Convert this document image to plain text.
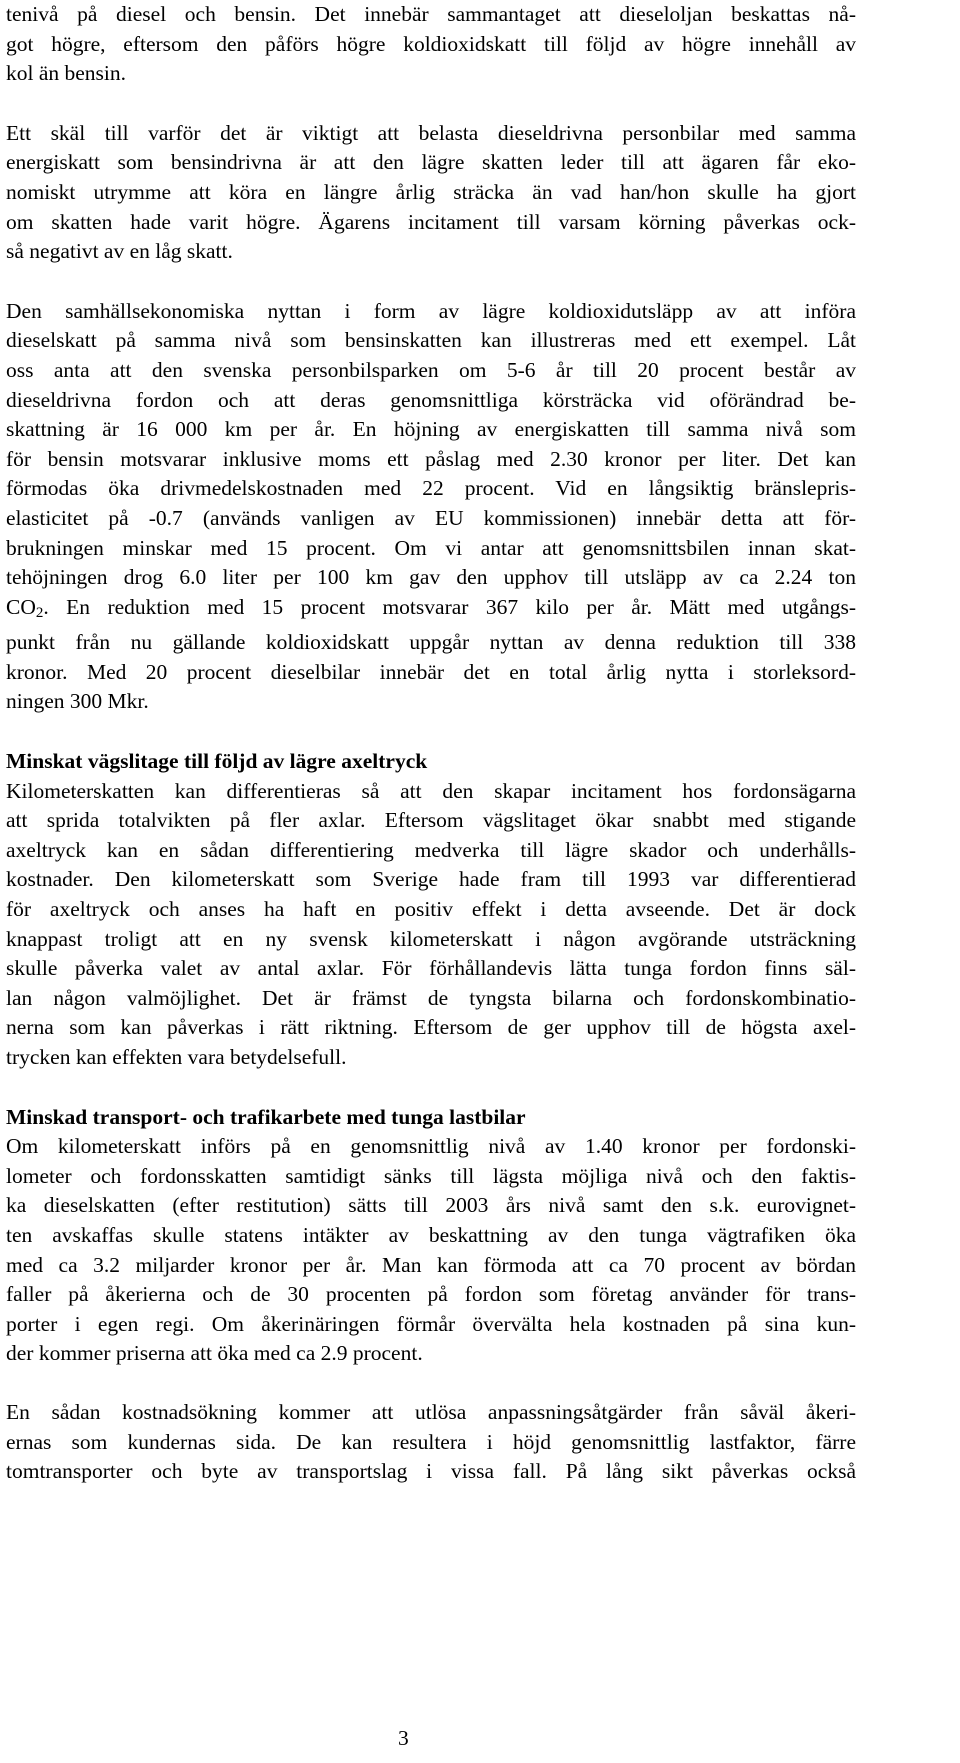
tenivå på diesel och bensin. Det innebär sammantaget att dieseloljan beskattas nå-
got högre, eftersom den påförs högre koldioxidskatt till följd av högre innehåll av
kol än bensin.

Ett skäl till varför det är viktigt att belasta dieseldrivna personbilar med samma
energiskatt som bensindrivna är att den lägre skatten leder till att ägaren får eko-
nomiskt utrymme att köra en längre årlig sträcka än vad han/hon skulle ha gjort
om skatten hade varit högre. Ägarens incitament till varsam körning påverkas ock-
så negativt av en låg skatt.

Den samhällsekonomiska nyttan i form av lägre koldioxidutsläpp av att införa
dieselskatt på samma nivå som bensinskatten kan illustreras med ett exempel. Låt
oss anta att den svenska personbilsparken om 5-6 år till 20 procent består av
dieseldrivna fordon och att deras genomsnittliga körsträcka vid oförändrad be-
skattning är 16 000 km per år. En höjning av energiskatten till samma nivå som
för bensin motsvarar inklusive moms ett påslag med 2.30 kronor per liter. Det kan
förmodas öka drivmedelskostnaden med 22 procent. Vid en långsiktig bränslepris-
elasticitet på -0.7 (används vanligen av EU kommissionen) innebär detta att för-
brukningen minskar med 15 procent. Om vi antar att genomsnittsbilen innan skat-
tehöjningen drog 6.0 liter per 100 km gav den upphov till utsläpp av ca 2.24 ton
$CO_2$. En reduktion med 15 procent motsvarar 367 kilo per år. Mätt med utgångs-
punkt från nu gällande koldioxidskatt uppgår nyttan av denna reduktion till 338
kronor. Med 20 procent dieselbilar innebär det en total årlig nytta i storleksord-
ningen 300 Mkr.

Minskat vägslitage till följd av lägre axeltryck

Kilometerskatten kan differentieras så att den skapar incitament hos fordonsägarna
att sprida totalvikten på fler axlar. Eftersom vägslitaget ökar snabbt med stigande
axeltryck kan en sådan differentiering medverka till lägre skador och underhålls-
kostnader. Den kilometerskatt som Sverige hade fram till 1993 var differentierad
för axeltryck och anses ha haft en positiv effekt i detta avseende. Det är dock
knappast troligt att en ny svensk kilometerskatt i någon avgörande utsträckning
skulle påverka valet av antal axlar. För förhållandevis lätta tunga fordon finns säl-
lan någon valmöjlighet. Det är främst de tyngsta bilarna och fordonskombinatio-
nerna som kan påverkas i rätt riktning. Eftersom de ger upphov till de högsta axel-
trycken kan effekten vara betydelsefull.

Minskad transport- och trafikarbete med tunga lastbilar

Om kilometerskatt införs på en genomsnittlig nivå av 1.40 kronor per fordonski-
lometer och fordonsskatten samtidigt sänks till lägsta möjliga nivå och den faktis-
ka dieselskatten (efter restitution) sätts till 2003 års nivå samt den s.k. eurovignet-
ten avskaffas skulle statens intäkter av beskattning av den tunga vägtrafiken öka
med ca 3.2 miljarder kronor per år. Man kan förmoda att ca 70 procent av bördan
faller på åkerierna och de 30 procenten på fordon som företag använder för trans-
porter i egen regi. Om åkerinäringen förmår övervälta hela kostnaden på sina kun-
der kommer priserna att öka med ca 2.9 procent.

En sådan kostnadsökning kommer att utlösa anpassningsåtgärder från såväl åkeri-
ernas som kundernas sida. De kan resultera i höjd genomsnittlig lastfaktor, färre
tomtransporter och byte av transportslag i vissa fall. På lång sikt påverkas också

3
